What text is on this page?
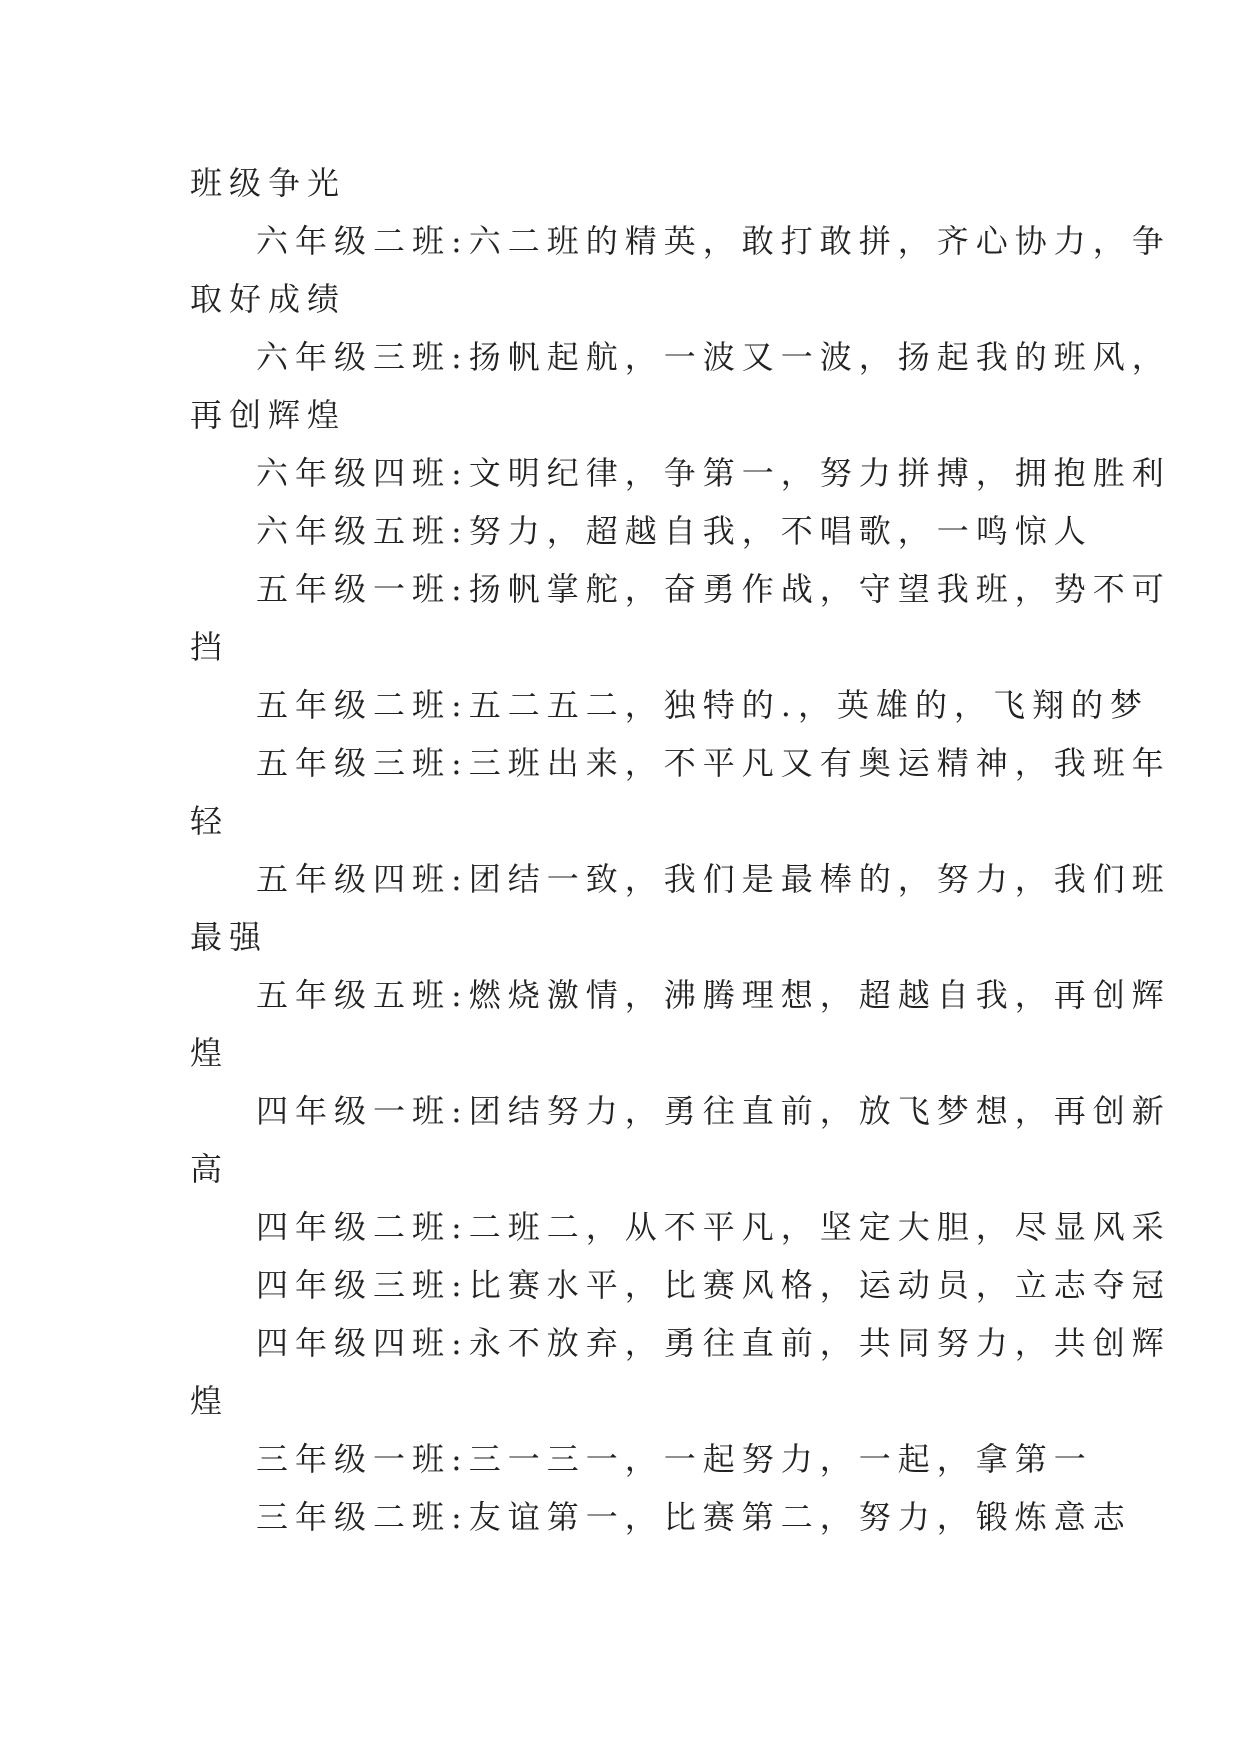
班级争光
六年级二班:六二班的精英，敢打敢拼，齐心协力，争
取好成绩
六年级三班:扬帆起航，一波又一波，扬起我的班风，
再创辉煌
六年级四班:文明纪律，争第一，努力拼搏，拥抱胜利
六年级五班:努力，超越自我，不唱歌，一鸣惊人
五年级一班:扬帆掌舵，奋勇作战，守望我班，势不可
挡
五年级二班:五二五二，独特的.，英雄的，飞翔的梦
五年级三班:三班出来，不平凡又有奥运精神，我班年
轻
五年级四班:团结一致，我们是最棒的，努力，我们班
最强
五年级五班:燃烧激情，沸腾理想，超越自我，再创辉
煌
四年级一班:团结努力，勇往直前，放飞梦想，再创新
高
四年级二班:二班二，从不平凡，坚定大胆，尽显风采
四年级三班:比赛水平，比赛风格，运动员，立志夺冠
四年级四班:永不放弃，勇往直前，共同努力，共创辉
煌
三年级一班:三一三一，一起努力，一起，拿第一
三年级二班:友谊第一，比赛第二，努力，锻炼意志
